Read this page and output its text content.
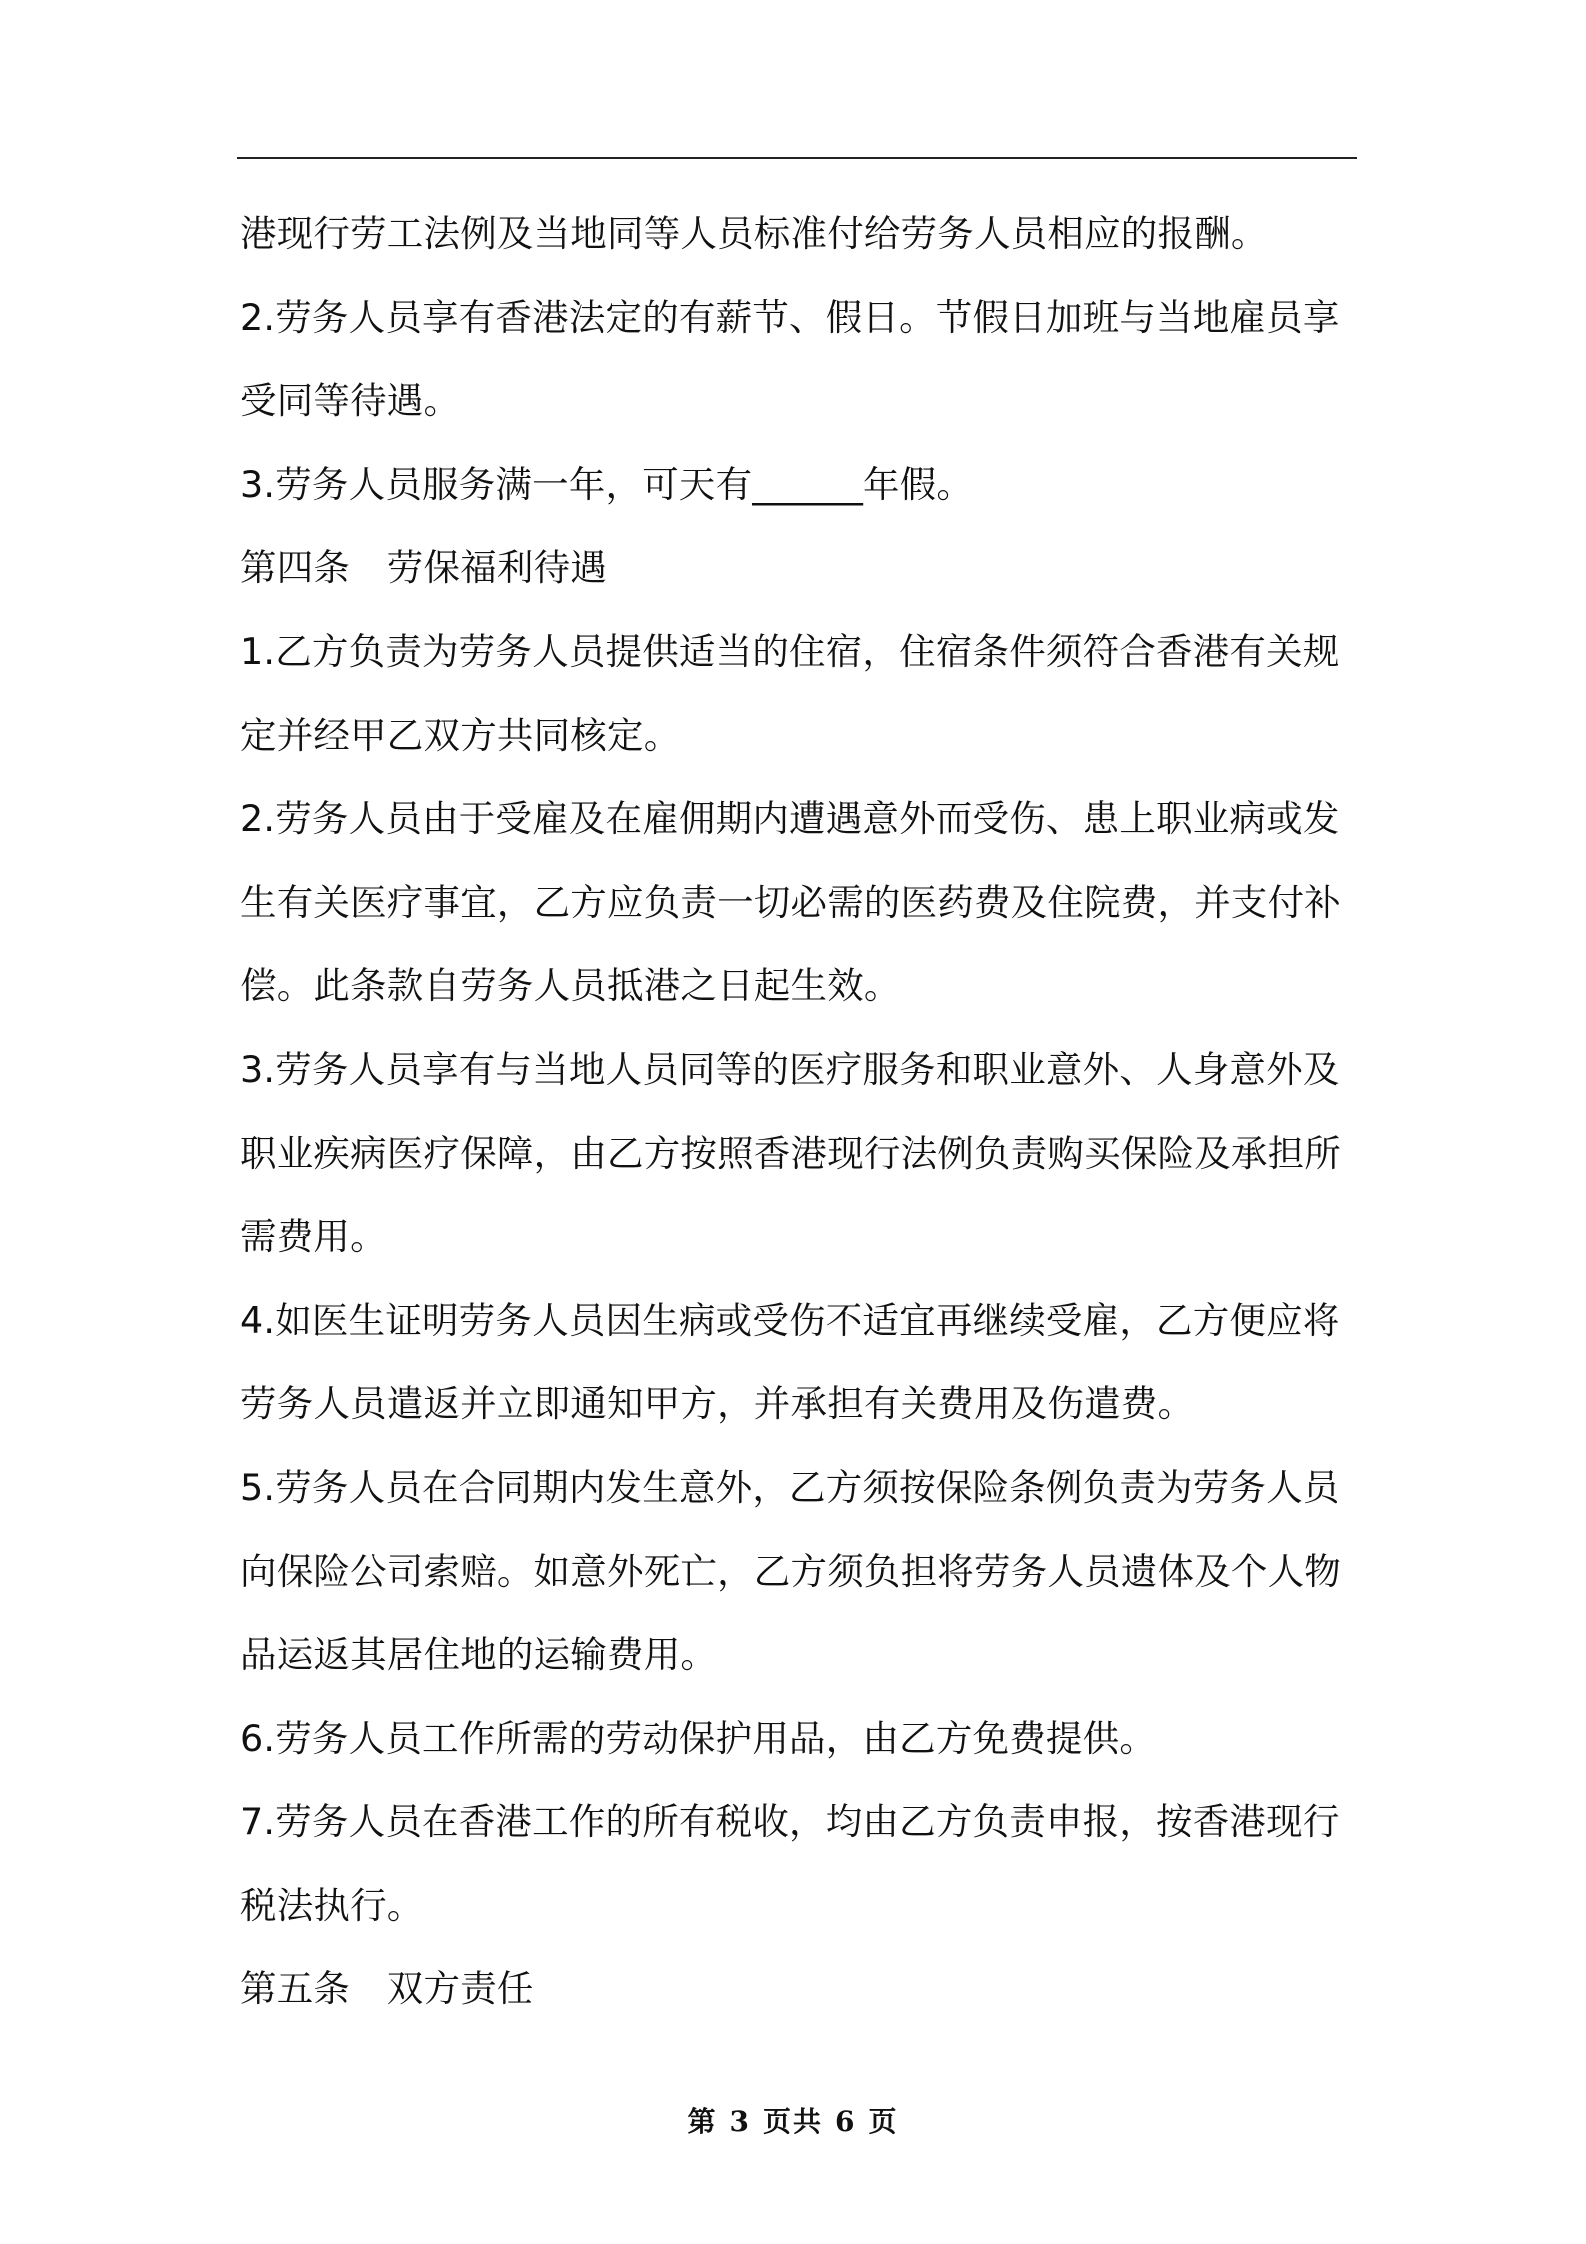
港现行劳工法例及当地同等人员标准付给劳务人员相应的报酬。
2.劳务人员享有香港法定的有薪节、假日。节假日加班与当地雇员享
受同等待遇。
3.劳务人员服务满一年，可天有______年假。
第四条　劳保福利待遇
1.乙方负责为劳务人员提供适当的住宿，住宿条件须符合香港有关规
定并经甲乙双方共同核定。
2.劳务人员由于受雇及在雇佣期内遭遇意外而受伤、患上职业病或发
生有关医疗事宜，乙方应负责一切必需的医药费及住院费，并支付补
偿。此条款自劳务人员抵港之日起生效。
3.劳务人员享有与当地人员同等的医疗服务和职业意外、人身意外及
职业疾病医疗保障，由乙方按照香港现行法例负责购买保险及承担所
需费用。
4.如医生证明劳务人员因生病或受伤不适宜再继续受雇，乙方便应将
劳务人员遣返并立即通知甲方，并承担有关费用及伤遣费。
5.劳务人员在合同期内发生意外，乙方须按保险条例负责为劳务人员
向保险公司索赔。如意外死亡，乙方须负担将劳务人员遗体及个人物
品运返其居住地的运输费用。
6.劳务人员工作所需的劳动保护用品，由乙方免费提供。
7.劳务人员在香港工作的所有税收，均由乙方负责申报，按香港现行
税法执行。
第五条　双方责任
第 3 页共 6 页
